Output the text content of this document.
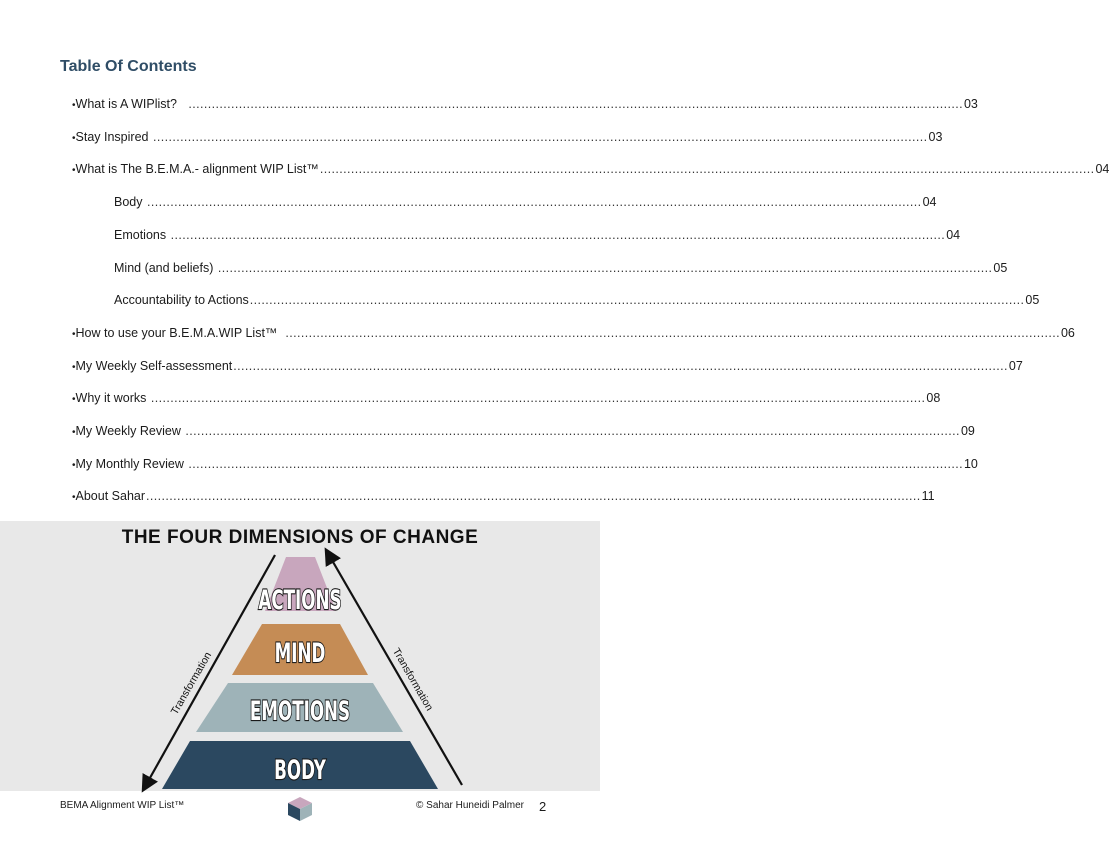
Table Of Contents
• What is A WIPlist? ........................................................................................................................................................................................................ 03
• Stay Inspired ........................................................................................................................................................................................................ 03
• What is The B.E.M.A.- alignment WIP List™ ........................................................................................................................................................................................................ 04
Body ........................................................................................................................................................................................................ 04
Emotions ........................................................................................................................................................................................................ 04
Mind (and beliefs) ........................................................................................................................................................................................................ 05
Accountability to Actions ........................................................................................................................................................................................................ 05
• How to use your B.E.M.A.WIP List™ ........................................................................................................................................................................................................ 06
• My Weekly Self-assessment ........................................................................................................................................................................................................ 07
• Why it works ........................................................................................................................................................................................................ 08
• My Weekly Review ........................................................................................................................................................................................................ 09
• My Monthly Review ........................................................................................................................................................................................................ 10
• About Sahar ........................................................................................................................................................................................................ 11
THE FOUR DIMENSIONS OF CHANGE
Transformation	Transformation
ACTIONS
MIND
EMOTIONS
BODY
BEMA Alignment WIP List™	© Sahar Huneidi Palmer 2
